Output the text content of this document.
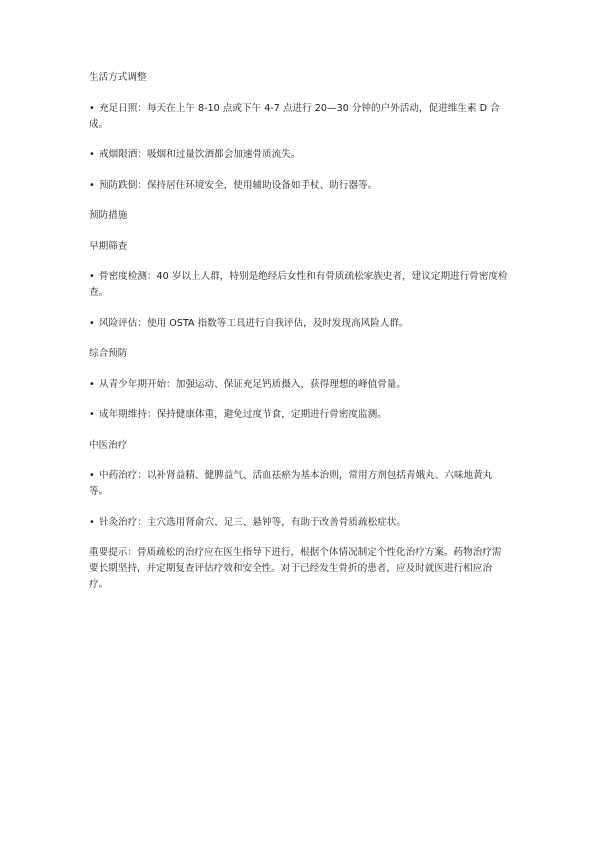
生活方式调整

• 充足日照：每天在上午 8-10 点或下午 4-7 点进行 20—30 分钟的户外活动，促进维生素 D 合成。

• 戒烟限酒：吸烟和过量饮酒都会加速骨质流失。

• 预防跌倒：保持居住环境安全，使用辅助设备如手杖、助行器等。

预防措施

早期筛查

• 骨密度检测：40 岁以上人群，特别是绝经后女性和有骨质疏松家族史者，建议定期进行骨密度检查。

• 风险评估：使用 OSTA 指数等工具进行自我评估，及时发现高风险人群。

综合预防

• 从青少年期开始：加强运动、保证充足钙质摄入，获得理想的峰值骨量。

• 成年期维持：保持健康体重，避免过度节食，定期进行骨密度监测。

中医治疗

• 中药治疗：以补肾益精、健脾益气、活血祛瘀为基本治则，常用方剂包括青娥丸、六味地黄丸等。

• 针灸治疗：主穴选用肾俞穴、足三、悬钟等，有助于改善骨质疏松症状。

重要提示：骨质疏松的治疗应在医生指导下进行，根据个体情况制定个性化治疗方案。药物治疗需要长期坚持，并定期复查评估疗效和安全性。对于已经发生骨折的患者，应及时就医进行相应治疗。
